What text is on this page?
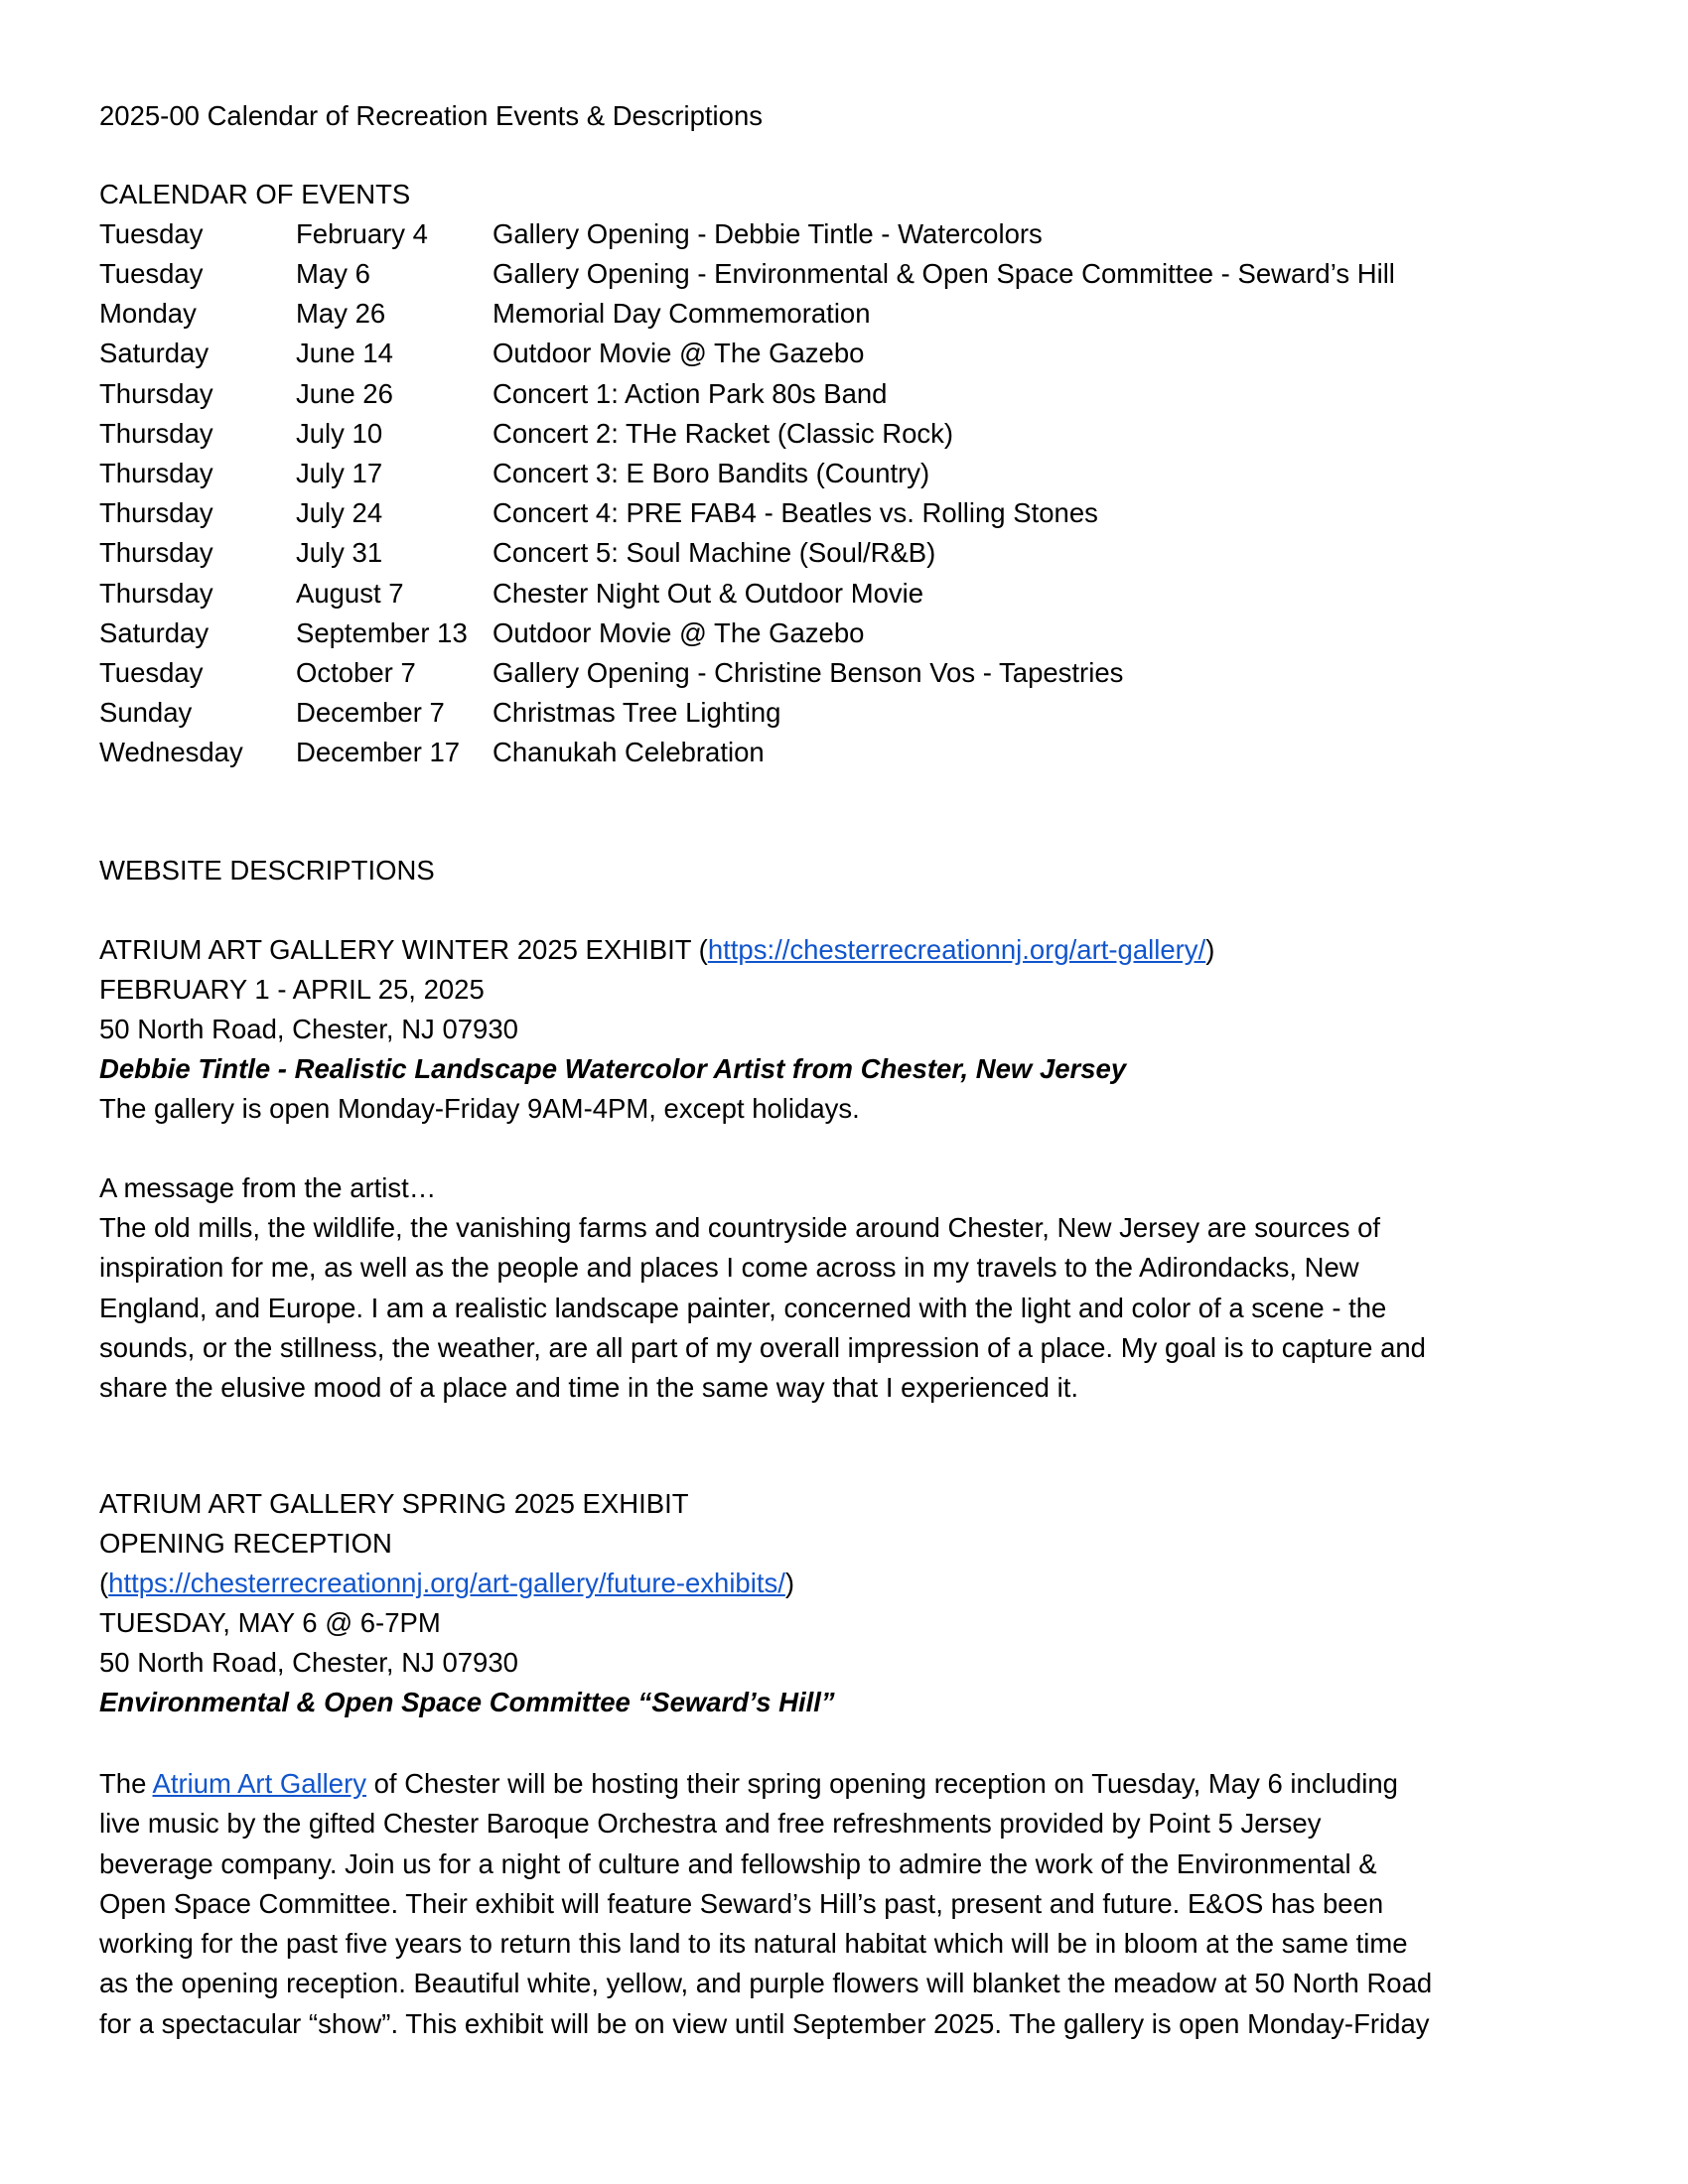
2025-00 Calendar of Recreation Events & Descriptions
CALENDAR OF EVENTS
Tuesday	February 4 Gallery Opening - Debbie Tintle - Watercolors
Tuesday	May 6	Gallery Opening - Environmental & Open Space Committee - Seward’s Hill
Monday	May 26	Memorial Day Commemoration
Saturday	June 14	Outdoor Movie @ The Gazebo
Thursday	June 26	Concert 1: Action Park 80s Band
Thursday	July 10	Concert 2: THe Racket (Classic Rock)
Thursday	July 17	Concert 3: E Boro Bandits (Country)
Thursday	July 24	Concert 4: PRE FAB4 - Beatles vs. Rolling Stones
Thursday	July 31	Concert 5: Soul Machine (Soul/R&B)
Thursday	August 7	Chester Night Out & Outdoor Movie
Saturday	September 13 Outdoor Movie @ The Gazebo
Tuesday	October 7	Gallery Opening - Christine Benson Vos - Tapestries
Sunday	December 7 Christmas Tree Lighting
Wednesday December 17 Chanukah Celebration
WEBSITE DESCRIPTIONS
ATRIUM ART GALLERY WINTER 2025 EXHIBIT (https://chesterrecreationnj.org/art-gallery/)
FEBRUARY 1 - APRIL 25, 2025
50 North Road, Chester, NJ 07930
Debbie Tintle - Realistic Landscape Watercolor Artist from Chester, New Jersey
The gallery is open Monday-Friday 9AM-4PM, except holidays.
A message from the artist…
The old mills, the wildlife, the vanishing farms and countryside around Chester, New Jersey are sources of
inspiration for me, as well as the people and places I come across in my travels to the Adirondacks, New
England, and Europe. I am a realistic landscape painter, concerned with the light and color of a scene - the
sounds, or the stillness, the weather, are all part of my overall impression of a place. My goal is to capture and
share the elusive mood of a place and time in the same way that I experienced it.
ATRIUM ART GALLERY SPRING 2025 EXHIBIT
OPENING RECEPTION
(https://chesterrecreationnj.org/art-gallery/future-exhibits/)
TUESDAY, MAY 6 @ 6-7PM
50 North Road, Chester, NJ 07930
Environmental & Open Space Committee “Seward’s Hill”
The Atrium Art Gallery of Chester will be hosting their spring opening reception on Tuesday, May 6 including
live music by the gifted Chester Baroque Orchestra and free refreshments provided by Point 5 Jersey
beverage company. Join us for a night of culture and fellowship to admire the work of the Environmental &
Open Space Committee. Their exhibit will feature Seward’s Hill’s past, present and future. E&OS has been
working for the past five years to return this land to its natural habitat which will be in bloom at the same time
as the opening reception. Beautiful white, yellow, and purple flowers will blanket the meadow at 50 North Road
for a spectacular “show”. This exhibit will be on view until September 2025. The gallery is open Monday-Friday
